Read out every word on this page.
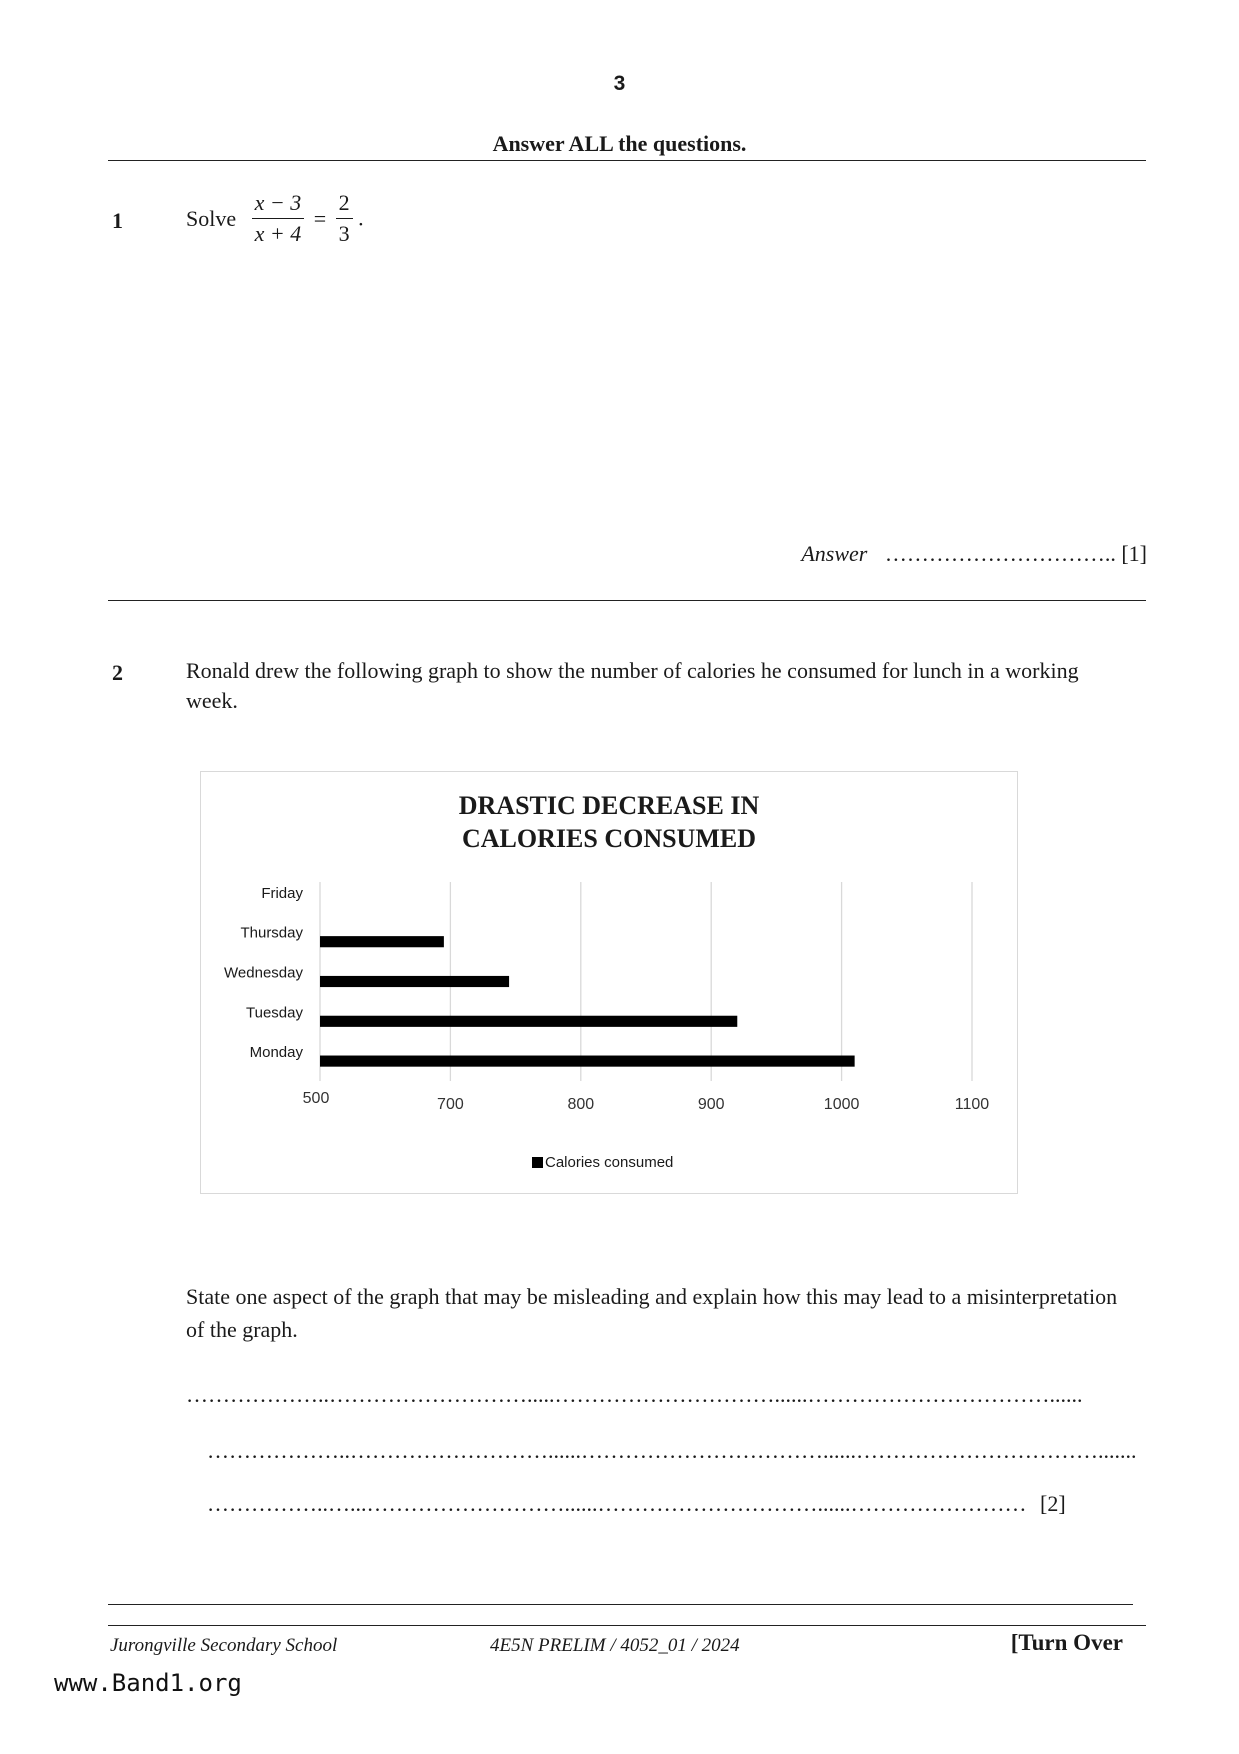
3
Answer ALL the questions.
1	Solve $\frac{x - 3}{x + 4} = \frac{2}{3}$ .
Answer ………………………….. [1]
2	Ronald drew the following graph to show the number of calories he consumed for lunch in a working week.
DRASTIC DECREASE IN
CALORIES CONSUMED
Friday
Thursday
Wednesday
Tuesday
Monday
500	700	800	900	1000	1100
Calories consumed
State one aspect of the graph that may be misleading and explain how this may lead to a misinterpretation of the graph.
………………..……………………….....…………………………......……………………………......
………………..………………………......……………………………......…………………………….......
……………..…...………………………......…………………………......…………………… [2]
Jurongville Secondary School	4E5N PRELIM / 4052_01 / 2024	[Turn Over
www.Band1.org
